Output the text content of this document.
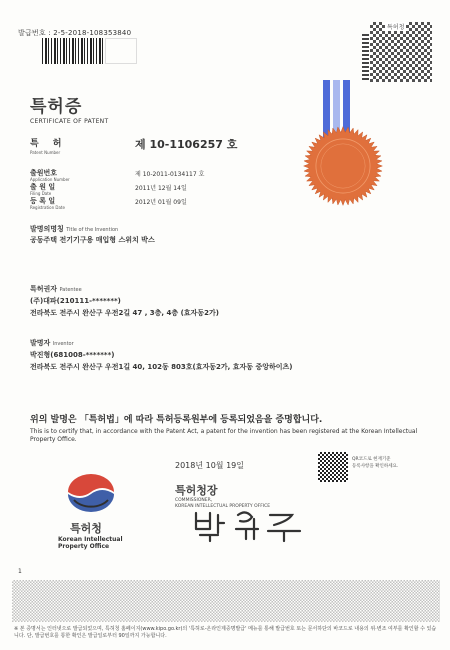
발급번호 : 2-5-2018-108353840
특허청
특허증
CERTIFICATE OF PATENT
특허
Patent Number
제 10-1106257 호
출원번호
Application Number
제 10-2011-0134117 호
출 원 일
Filing Date
2011년 12월 14일
등 록 일
Registration Date
2012년 01월 09일
발명의명칭 Title of the Invention
공동주택 전기기구용 매입형 스위치 박스
특허권자 Patentee
(주)대파(210111-*******)
전라북도 전주시 완산구 우전2길 47 , 3층, 4층 (효자동2가)
발명자 Inventor
박진형(681008-*******)
전라북도 전주시 완산구 우전1길 40, 102동 803호(효자동2가, 효자동 중앙하이츠)
위의 발명은 「특허법」에 따라 특허등록원부에 등록되었음을 증명합니다.
This is to certify that, in accordance with the Patent Act, a patent for the invention has been registered at the Korean Intellectual Property Office.
특허청
Korean Intellectual
Property Office
2018년 10월 19일
QR코드로 현재기준
등록사항을 확인하세요.
특허청장
COMMISSIONER,
KOREAN INTELLECTUAL PROPERTY OFFICE
1
※ 본 증명서는 인터넷으로 발급되었으며, 특허청 홈페이지(www.kipo.go.kr)의 '특허로-온라인제증명발급' 메뉴를 통해 발급번호 또는 문서하단의 바코드로 내용의 위·변조 여부를 확인할 수 있습니다. 단, 발급번호를 통한 확인은 발급일로부터 90일까지 가능합니다.
